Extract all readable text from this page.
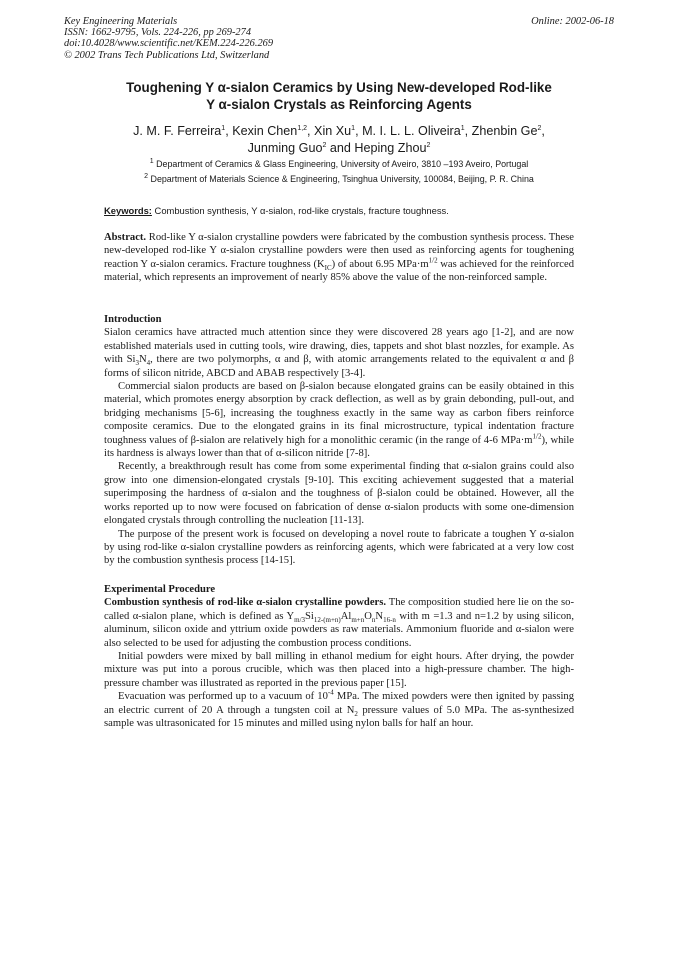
Key Engineering Materials
ISSN: 1662-9795, Vols. 224-226, pp 269-274
doi:10.4028/www.scientific.net/KEM.224-226.269
© 2002 Trans Tech Publications Ltd, Switzerland
Online: 2002-06-18
Toughening Y α-sialon Ceramics by Using New-developed Rod-like
Y α-sialon Crystals as Reinforcing Agents
J. M. F. Ferreira$^1$, Kexin Chen$^{1,2}$, Xin Xu$^1$, M. I. L. L. Oliveira$^1$, Zhenbin Ge$^2$,
Junming Guo$^2$ and Heping Zhou$^2$
$^1$ Department of Ceramics & Glass Engineering, University of Aveiro, 3810 –193 Aveiro, Portugal
$^2$ Department of Materials Science & Engineering, Tsinghua University, 100084, Beijing, P. R. China
Keywords: Combustion synthesis, Y α-sialon, rod-like crystals, fracture toughness.

Abstract. Rod-like Y α-sialon crystalline powders were fabricated by the combustion synthesis process. These new-developed rod-like Y α-sialon crystalline powders were then used as reinforcing agents for toughening reaction Y α-sialon ceramics. Fracture toughness $(K_{IC})$ of about 6.95 $MPa\cdot m^{1/2}$ was achieved for the reinforced material, which represents an improvement of nearly 85% above the value of the non-reinforced sample.

Introduction

Sialon ceramics have attracted much attention since they were discovered 28 years ago [1-2], and are now established materials used in cutting tools, wire drawing, dies, tappets and shot blast nozzles, for example. As with $Si_3N_4$, there are two polymorphs, α and β, with atomic arrangements related to the equivalent α and β forms of silicon nitride, ABCD and ABAB respectively [3-4].

Commercial sialon products are based on β-sialon because elongated grains can be easily obtained in this material, which promotes energy absorption by crack deflection, as well as by grain debonding, pull-out, and bridging mechanisms [5-6], increasing the toughness exactly in the same way as carbon fibers reinforce composite ceramics. Due to the elongated grains in its final microstructure, typical indentation fracture toughness values of β-sialon are relatively high for a monolithic ceramic (in the range of 4-6 $MPa\cdot m^{1/2}$), while its hardness is always lower than that of α-silicon nitride [7-8].

Recently, a breakthrough result has come from some experimental finding that α-sialon grains could also grow into one dimension-elongated crystals [9-10]. This exciting achievement suggested that a material superimposing the hardness of α-sialon and the toughness of β-sialon could be obtained. However, all the works reported up to now were focused on fabrication of dense α-sialon products with some one-dimension elongated crystals through controlling the nucleation [11-13].

The purpose of the present work is focused on developing a novel route to fabricate a toughen Y α-sialon by using rod-like α-sialon crystalline powders as reinforcing agents, which were fabricated at a very low cost by the combustion synthesis process [14-15].

Experimental Procedure

Combustion synthesis of rod-like α-sialon crystalline powders. The composition studied here lie on the so-called α-sialon plane, which is defined as $Y_{m/3}Si_{12-(m+n)}Al_{m+n}O_nN_{16-n}$ with m =1.3 and n=1.2 by using silicon, aluminum, silicon oxide and yttrium oxide powders as raw materials. Ammonium fluoride and α-sialon were also selected to be used for adjusting the combustion process conditions.

Initial powders were mixed by ball milling in ethanol medium for eight hours. After drying, the powder mixture was put into a porous crucible, which was then placed into a high-pressure chamber. The high-pressure chamber was illustrated as reported in the previous paper [15].

Evacuation was performed up to a vacuum of $10^{-4}$ MPa. The mixed powders were then ignited by passing an electric current of 20 A through a tungsten coil at $N_2$ pressure values of 5.0 MPa. The as-synthesized sample was ultrasonicated for 15 minutes and milled using nylon balls for half an hour.
